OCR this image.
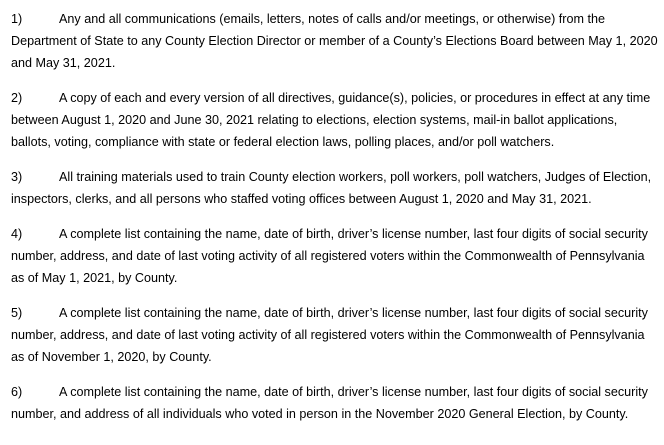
1)	Any and all communications (emails, letters, notes of calls and/or meetings, or otherwise) from the Department of State to any County Election Director or member of a County’s Elections Board between May 1, 2020 and May 31, 2021.

2)	A copy of each and every version of all directives, guidance(s), policies, or procedures in effect at any time between August 1, 2020 and June 30, 2021 relating to elections, election systems, mail-in ballot applications, ballots, voting, compliance with state or federal election laws, polling places, and/or poll watchers.

3)	All training materials used to train County election workers, poll workers, poll watchers, Judges of Election, inspectors, clerks, and all persons who staffed voting offices between August 1, 2020 and May 31, 2021.

4)	A complete list containing the name, date of birth, driver’s license number, last four digits of social security number, address, and date of last voting activity of all registered voters within the Commonwealth of Pennsylvania as of May 1, 2021, by County.

5)	A complete list containing the name, date of birth, driver’s license number, last four digits of social security number, address, and date of last voting activity of all registered voters within the Commonwealth of Pennsylvania as of November 1, 2020, by County.

6)	A complete list containing the name, date of birth, driver’s license number, last four digits of social security number, and address of all individuals who voted in person in the November 2020 General Election, by County.
